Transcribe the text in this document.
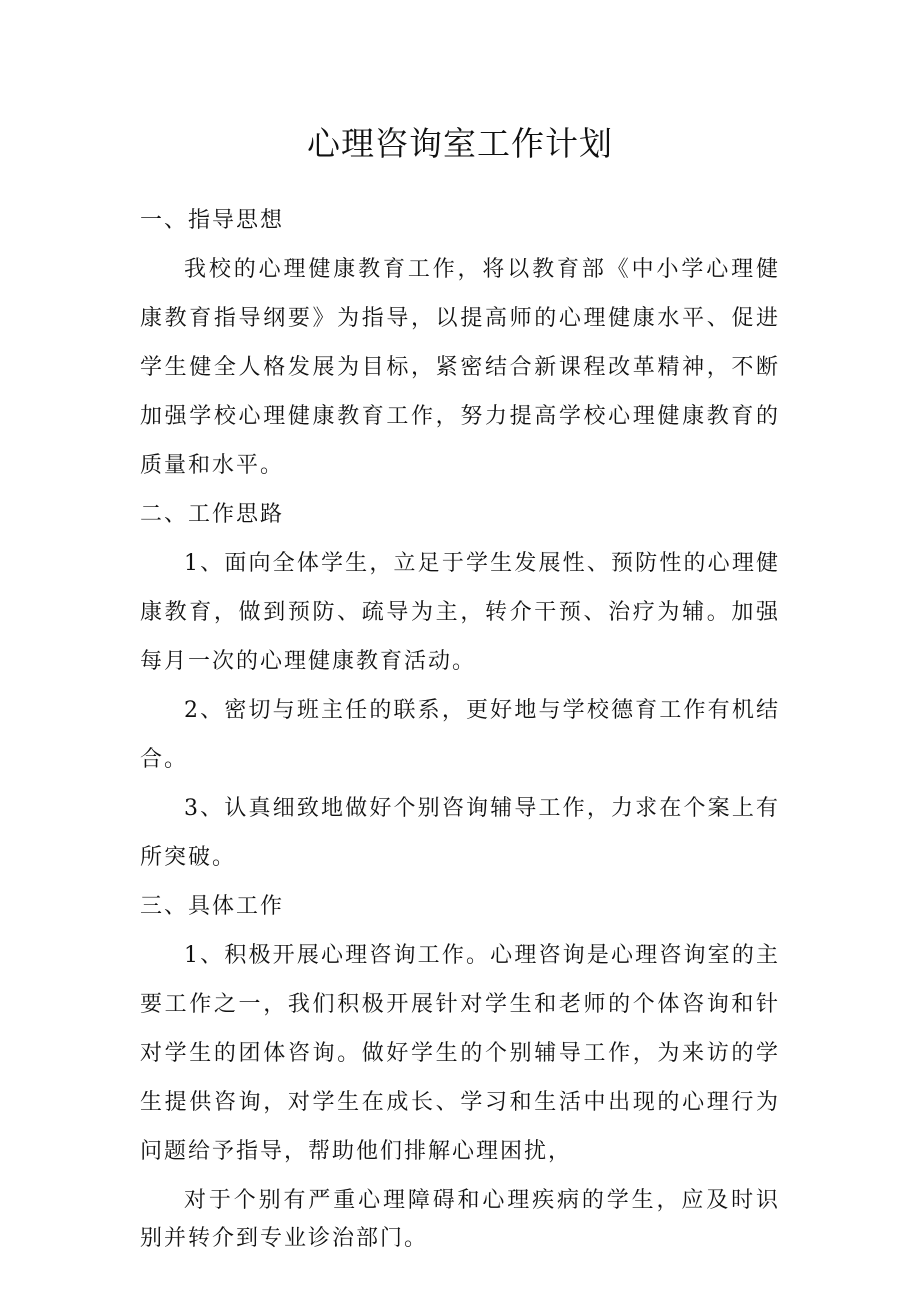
心理咨询室工作计划

一、指导思想

我校的心理健康教育工作，将以教育部《中小学心理健康教育指导纲要》为指导，以提高师的心理健康水平、促进学生健全人格发展为目标，紧密结合新课程改革精神，不断加强学校心理健康教育工作，努力提高学校心理健康教育的质量和水平。

二、工作思路

1、面向全体学生，立足于学生发展性、预防性的心理健康教育，做到预防、疏导为主，转介干预、治疗为辅。加强每月一次的心理健康教育活动。

2、密切与班主任的联系，更好地与学校德育工作有机结合。

3、认真细致地做好个别咨询辅导工作，力求在个案上有所突破。

三、具体工作

1、积极开展心理咨询工作。心理咨询是心理咨询室的主要工作之一，我们积极开展针对学生和老师的个体咨询和针对学生的团体咨询。做好学生的个别辅导工作，为来访的学生提供咨询，对学生在成长、学习和生活中出现的心理行为问题给予指导，帮助他们排解心理困扰，

对于个别有严重心理障碍和心理疾病的学生，应及时识别并转介到专业诊治部门。
